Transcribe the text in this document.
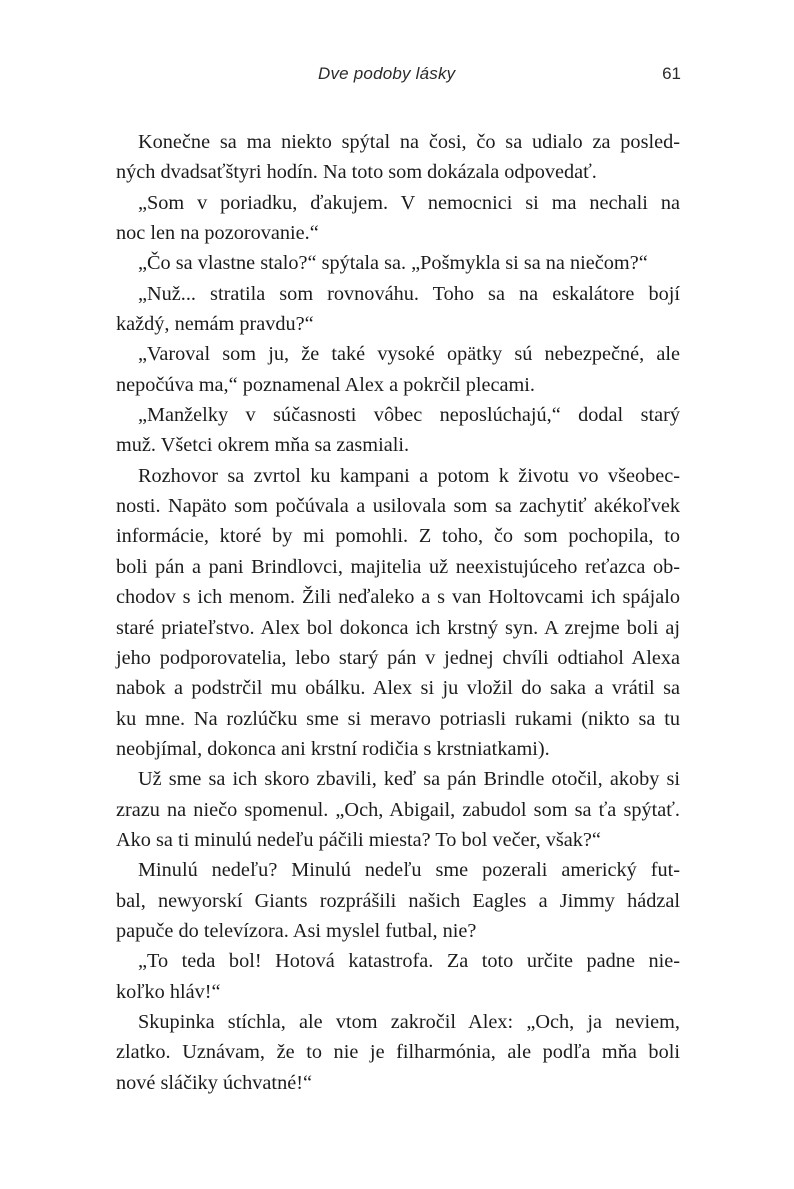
Dve podoby lásky	61

Konečne sa ma niekto spýtal na čosi, čo sa udialo za posled-
ných dvadsaťštyri hodín. Na toto som dokázala odpovedať.

„Som v poriadku, ďakujem. V nemocnici si ma nechali na
noc len na pozorovanie.“

„Čo sa vlastne stalo?“ spýtala sa. „Pošmykla si sa na niečom?“

„Nuž... stratila som rovnováhu. Toho sa na eskalátore bojí
každý, nemám pravdu?“

„Varoval som ju, že také vysoké opätky sú nebezpečné, ale
nepočúva ma,“ poznamenal Alex a pokrčil plecami.

„Manželky v súčasnosti vôbec neposlúchajú,“ dodal starý
muž. Všetci okrem mňa sa zasmiali.

Rozhovor sa zvrtol ku kampani a potom k životu vo všeobec-
nosti. Napäto som počúvala a usilovala som sa zachytiť akékoľvek
informácie, ktoré by mi pomohli. Z toho, čo som pochopila, to
boli pán a pani Brindlovci, majitelia už neexistujúceho reťazca ob-
chodov s ich menom. Žili neďaleko a s van Holtovcami ich spájalo
staré priateľstvo. Alex bol dokonca ich krstný syn. A zrejme boli aj
jeho podporovatelia, lebo starý pán v jednej chvíli odtiahol Alexa
nabok a podstrčil mu obálku. Alex si ju vložil do saka a vrátil sa
ku mne. Na rozlúčku sme si meravo potriasli rukami (nikto sa tu
neobjímal, dokonca ani krstní rodičia s krstniatkami).

Už sme sa ich skoro zbavili, keď sa pán Brindle otočil, akoby si
zrazu na niečo spomenul. „Och, Abigail, zabudol som sa ťa spýtať.
Ako sa ti minulú nedeľu páčili miesta? To bol večer, však?“

Minulú nedeľu? Minulú nedeľu sme pozerali americký fut-
bal, newyorskí Giants rozprášili našich Eagles a Jimmy hádzal
papuče do televízora. Asi myslel futbal, nie?

„To teda bol! Hotová katastrofa. Za toto určite padne nie-
koľko hláv!“

Skupinka stíchla, ale vtom zakročil Alex: „Och, ja neviem,
zlatko. Uznávam, že to nie je filharmónia, ale podľa mňa boli
nové sláčiky úchvatné!“
